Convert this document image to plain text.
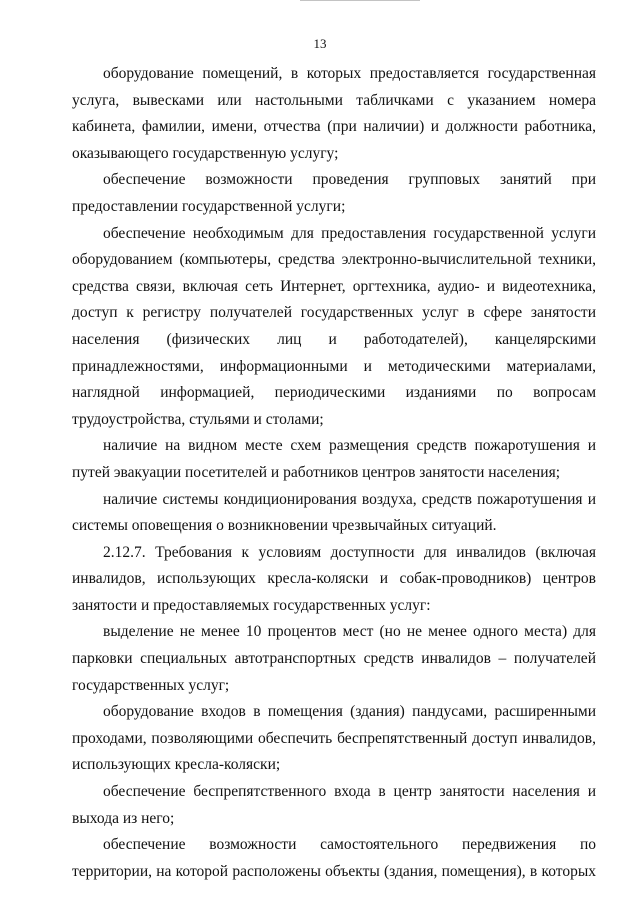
13

оборудование помещений, в которых предоставляется государственная услуга, вывесками или настольными табличками с указанием номера кабинета, фамилии, имени, отчества (при наличии) и должности работника, оказывающего государственную услугу;

обеспечение возможности проведения групповых занятий при предоставлении государственной услуги;

обеспечение необходимым для предоставления государственной услуги оборудованием (компьютеры, средства электронно-вычислительной техники, средства связи, включая сеть Интернет, оргтехника, аудио- и видеотехника, доступ к регистру получателей государственных услуг в сфере занятости населения (физических лиц и работодателей), канцелярскими принадлежностями, информационными и методическими материалами, наглядной информацией, периодическими изданиями по вопросам трудоустройства, стульями и столами;

наличие на видном месте схем размещения средств пожаротушения и путей эвакуации посетителей и работников центров занятости населения;

наличие системы кондиционирования воздуха, средств пожаротушения и системы оповещения о возникновении чрезвычайных ситуаций.

2.12.7. Требования к условиям доступности для инвалидов (включая инвалидов, использующих кресла-коляски и собак-проводников) центров занятости и предоставляемых государственных услуг:

выделение не менее 10 процентов мест (но не менее одного места) для парковки специальных автотранспортных средств инвалидов – получателей государственных услуг;

оборудование входов в помещения (здания) пандусами, расширенными проходами, позволяющими обеспечить беспрепятственный доступ инвалидов, использующих кресла-коляски;

обеспечение беспрепятственного входа в центр занятости населения и выхода из него;

обеспечение возможности самостоятельного передвижения по территории, на которой расположены объекты (здания, помещения), в которых
